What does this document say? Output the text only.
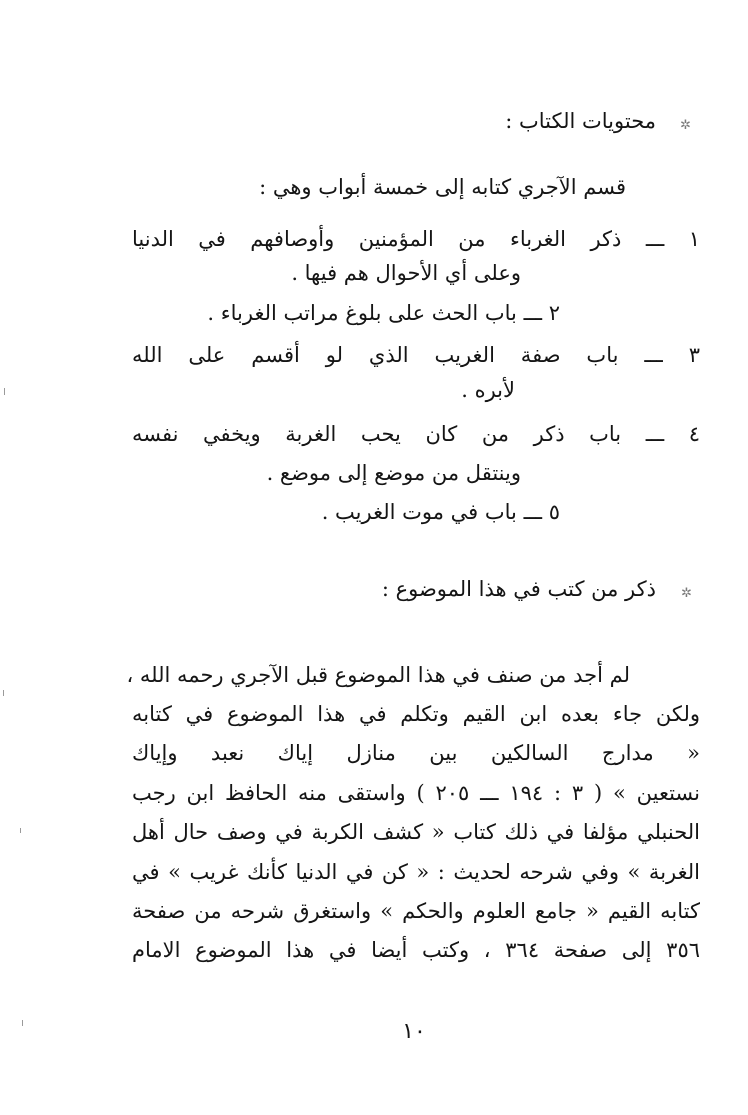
✲
محتويات الكتاب :
قسم الآجري كتابه إلى خمسة أبواب وهي :
١ ـــ ذكر الغرباء من المؤمنين وأوصافهم في الدنيا
وعلى أي الأحوال هم فيها .
٢ ـــ باب الحث على بلوغ مراتب الغرباء .
٣ ـــ باب صفة الغريب الذي لو أقسم على الله
لأبره .
٤ ـــ باب ذكر من كان يحب الغربة ويخفي نفسه
وينتقل من موضع إلى موضع .
٥ ـــ باب في موت الغريب .
✲
ذكر من كتب في هذا الموضوع :
لم أجد من صنف في هذا الموضوع قبل الآجري رحمه الله ،
ولكن جاء بعده ابن القيم وتكلم في هذا الموضوع في كتابه
« مدارج السالكين بين منازل إياك نعبد وإياك
نستعين » ( ٣ : ١٩٤ ـــ ٢٠٥ ) واستقى منه الحافظ ابن رجب
الحنبلي مؤلفا في ذلك كتاب « كشف الكربة في وصف حال أهل
الغربة » وفي شرحه لحديث : « كن في الدنيا كأنك غريب » في
كتابه القيم « جامع العلوم والحكم » واستغرق شرحه من صفحة
٣٥٦ إلى صفحة ٣٦٤ ، وكتب أيضا في هذا الموضوع الامام
١٠
